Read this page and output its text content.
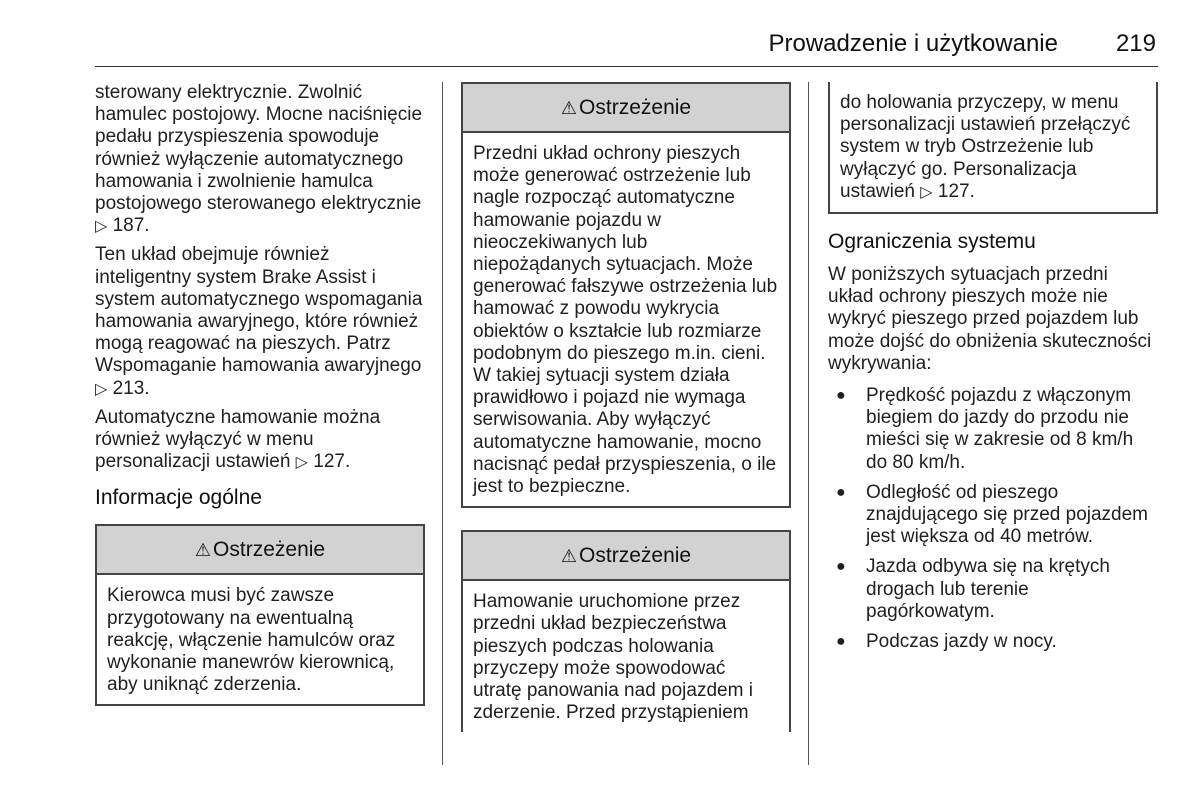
Prowadzenie i użytkowanie 219

sterowany elektrycznie. Zwolnić hamulec postojowy. Mocne naciśnięcie pedału przyspieszenia spowoduje również wyłączenie automatycznego hamowania i zwolnienie hamulca postojowego sterowanego elektrycznie ▷ 187.

Ten układ obejmuje również inteligentny system Brake Assist i system automatycznego wspomagania hamowania awaryjnego, które również mogą reagować na pieszych. Patrz Wspomaganie hamowania awaryjnego ▷ 213.

Automatyczne hamowanie można również wyłączyć w menu personalizacji ustawień ▷ 127.

Informacje ogólne
⚠Ostrzeżenie
Kierowca musi być zawsze przygotowany na ewentualną reakcję, włączenie hamulców oraz wykonanie manewrów kierownicą, aby uniknąć zderzenia.
⚠Ostrzeżenie
Przedni układ ochrony pieszych może generować ostrzeżenie lub nagle rozpocząć automatyczne hamowanie pojazdu w nieoczekiwanych lub niepożądanych sytuacjach. Może generować fałszywe ostrzeżenia lub hamować z powodu wykrycia obiektów o kształcie lub rozmiarze podobnym do pieszego m.in. cieni. W takiej sytuacji system działa prawidłowo i pojazd nie wymaga serwisowania. Aby wyłączyć automatyczne hamowanie, mocno nacisnąć pedał przyspieszenia, o ile jest to bezpieczne.
⚠Ostrzeżenie
Hamowanie uruchomione przez przedni układ bezpieczeństwa pieszych podczas holowania przyczepy może spowodować utratę panowania nad pojazdem i zderzenie. Przed przystąpieniem
do holowania przyczepy, w menu personalizacji ustawień przełączyć system w tryb Ostrzeżenie lub wyłączyć go. Personalizacja ustawień ▷ 127.
Ograniczenia systemu

W poniższych sytuacjach przedni układ ochrony pieszych może nie wykryć pieszego przed pojazdem lub może dojść do obniżenia skuteczności wykrywania:

● Prędkość pojazdu z włączonym biegiem do jazdy do przodu nie mieści się w zakresie od 8 km/h do 80 km/h.
● Odległość od pieszego znajdującego się przed pojazdem jest większa od 40 metrów.
● Jazda odbywa się na krętych drogach lub terenie pagórkowatym.
● Podczas jazdy w nocy.
